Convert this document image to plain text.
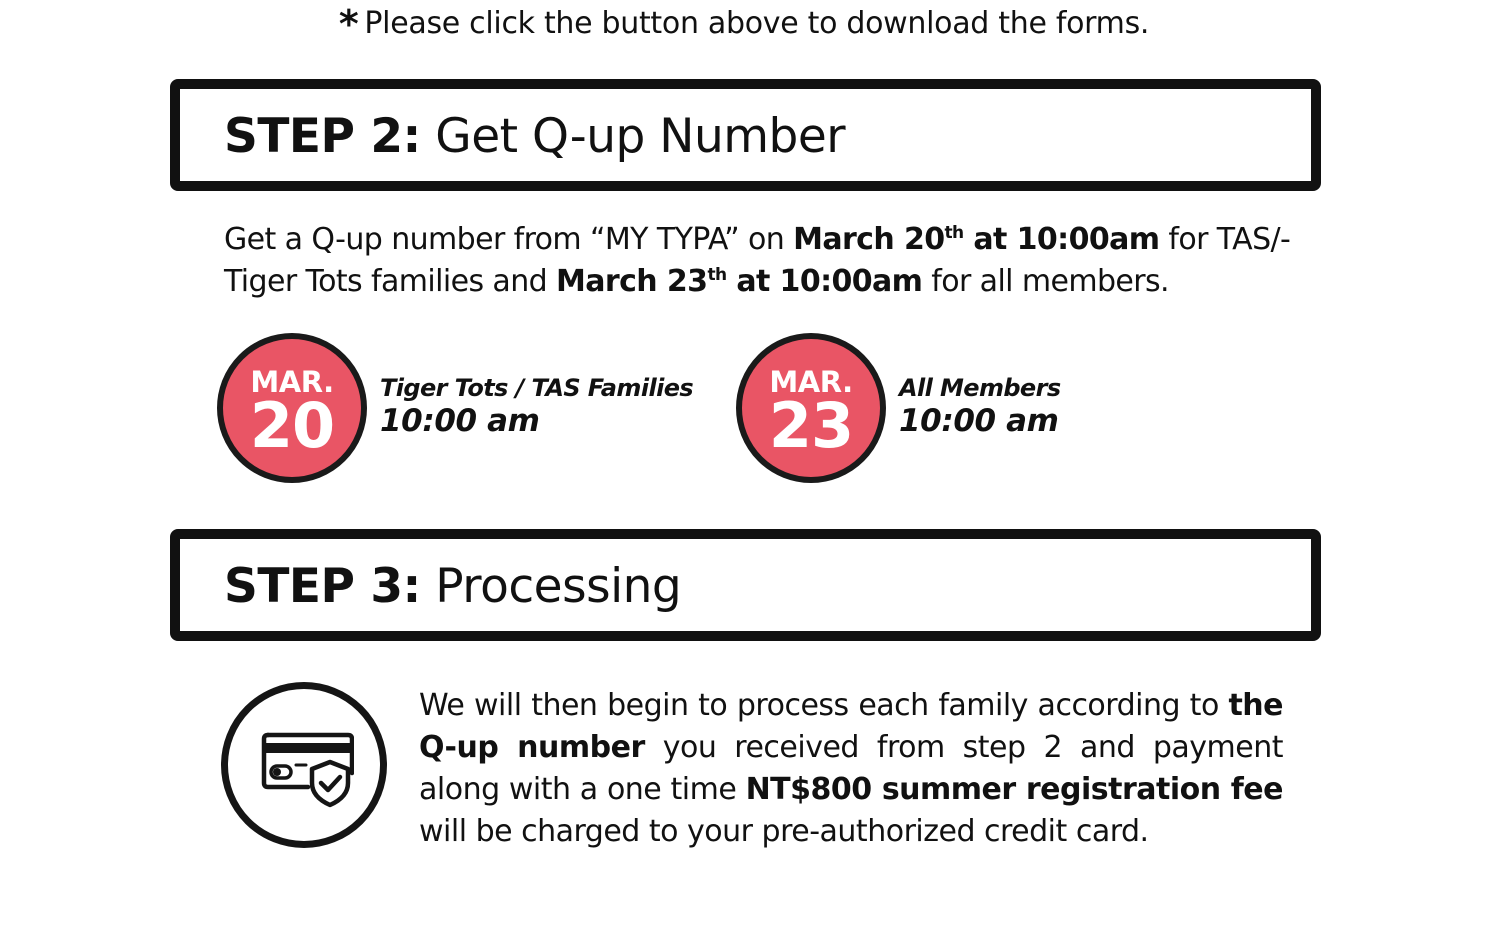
* Please click the button above to download the forms.
STEP 2: Get Q-up Number
Get a Q-up number from “MY TYPA” on March 20th at 10:00am for TAS/-Tiger Tots families and March 23th at 10:00am for all members.
MAR.
20
Tiger Tots / TAS Families
10:00 am
MAR.
23
All Members
10:00 am
STEP 3: Processing
We will then begin to process each family according to the Q-up number you received from step 2 and payment along with a one time NT$800 summer registration fee will be charged to your pre-authorized credit card.
